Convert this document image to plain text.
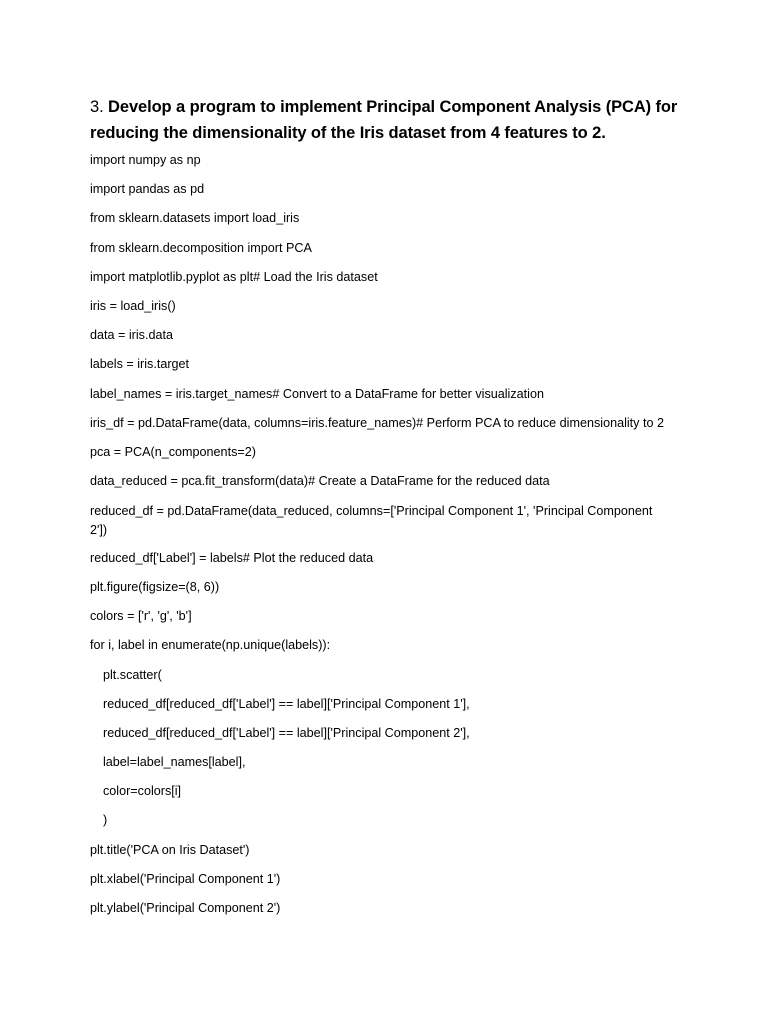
3. Develop a program to implement Principal Component Analysis (PCA) for reducing the dimensionality of the Iris dataset from 4 features to 2.
import numpy as np
import pandas as pd
from sklearn.datasets import load_iris
from sklearn.decomposition import PCA
import matplotlib.pyplot as plt# Load the Iris dataset
iris = load_iris()
data = iris.data
labels = iris.target
label_names = iris.target_names# Convert to a DataFrame for better visualization
iris_df = pd.DataFrame(data, columns=iris.feature_names)# Perform PCA to reduce dimensionality to 2
pca = PCA(n_components=2)
data_reduced = pca.fit_transform(data)# Create a DataFrame for the reduced data
reduced_df = pd.DataFrame(data_reduced, columns=['Principal Component 1', 'Principal Component 2'])
reduced_df['Label'] = labels# Plot the reduced data
plt.figure(figsize=(8, 6))
colors = ['r', 'g', 'b']
for i, label in enumerate(np.unique(labels)):
plt.scatter(
reduced_df[reduced_df['Label'] == label]['Principal Component 1'],
reduced_df[reduced_df['Label'] == label]['Principal Component 2'],
label=label_names[label],
color=colors[i]
)
plt.title('PCA on Iris Dataset')
plt.xlabel('Principal Component 1')
plt.ylabel('Principal Component 2')
